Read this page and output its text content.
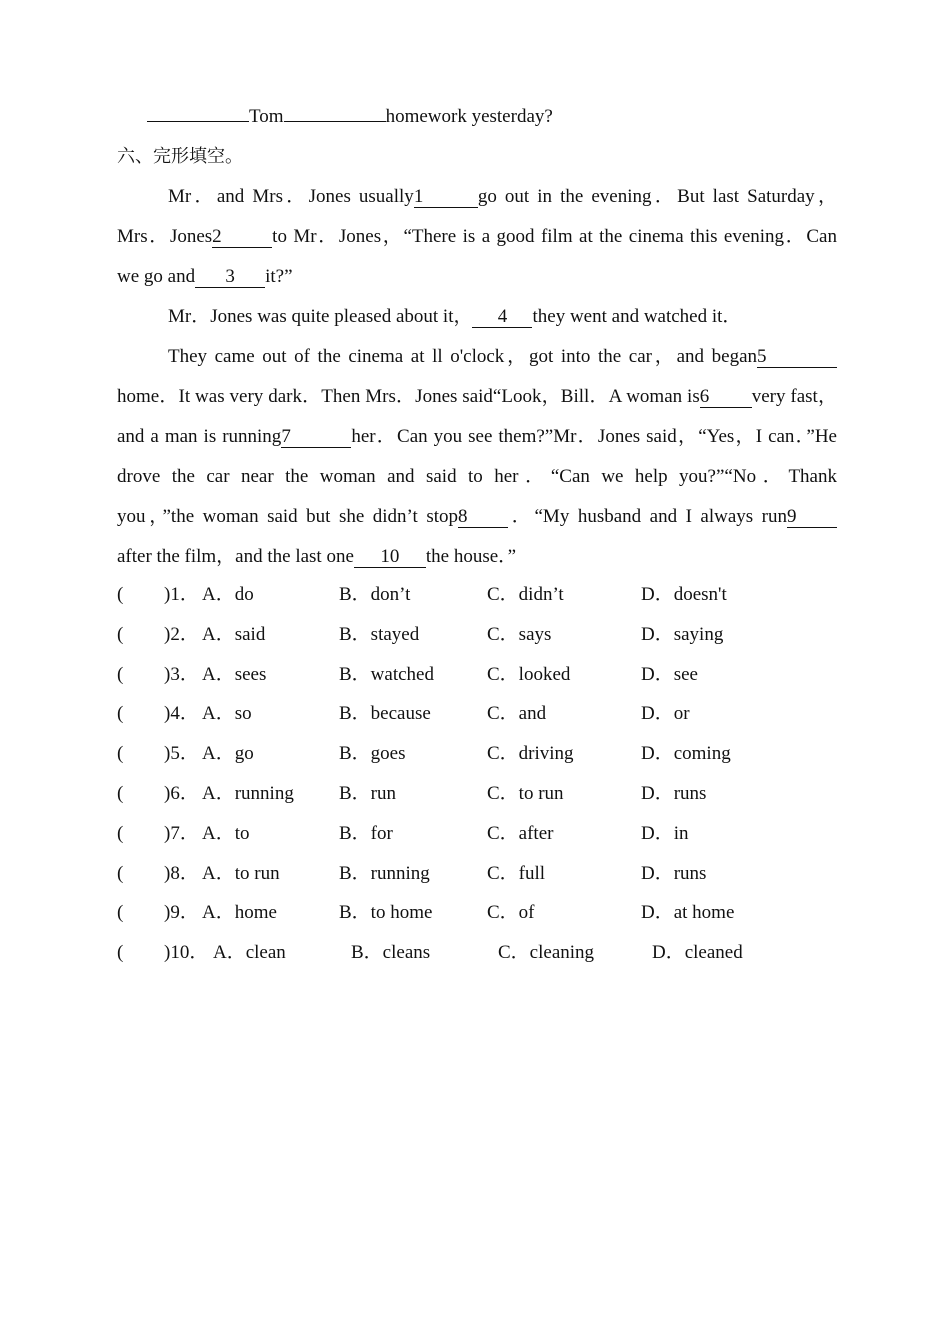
Tom	homework yesterday?
六、完形填空。
Mr．and Mrs．Jones usually1	go out in the evening．But last Saturday，
Mrs．Jones2	to Mr．Jones，“There is a good film at the cinema this evening．Can
we go and 3 it?”
Mr．Jones was quite pleased about it， 4 they went and watched it．
They came out of the cinema at ll o'clock，got into the car，and began5
home．It was very dark．Then Mrs．Jones said“Look，Bill．A woman is6 very fast，
and a man is running7	her．Can you see them?”Mr．Jones said，“Yes，I can．”He
drove the car near the woman and said to her．“Can we help you?”“No．Thank
you，”the woman said but she didn’t stop8 ．“My husband and I always run9
after the film，and the last one 10 the house．”
( )1． A．do	B．don’t	C．didn’t	D．doesn't
( )2． A．said	B．stayed	C．says	D．saying
( )3． A．sees	B．watched	C．looked	D．see
( )4． A．so	B．because	C．and	D．or
( )5． A．go	B．goes	C．driving	D．coming
( )6． A．running B．run	C．to run	D．runs
( )7． A．to	B．for	C．after	D．in
( )8． A．to run	B．running	C．full	D．runs
( )9． A．home	B．to home	C．of	D．at home
( )10． A．clean	B．cleans	C．cleaning	D．cleaned
